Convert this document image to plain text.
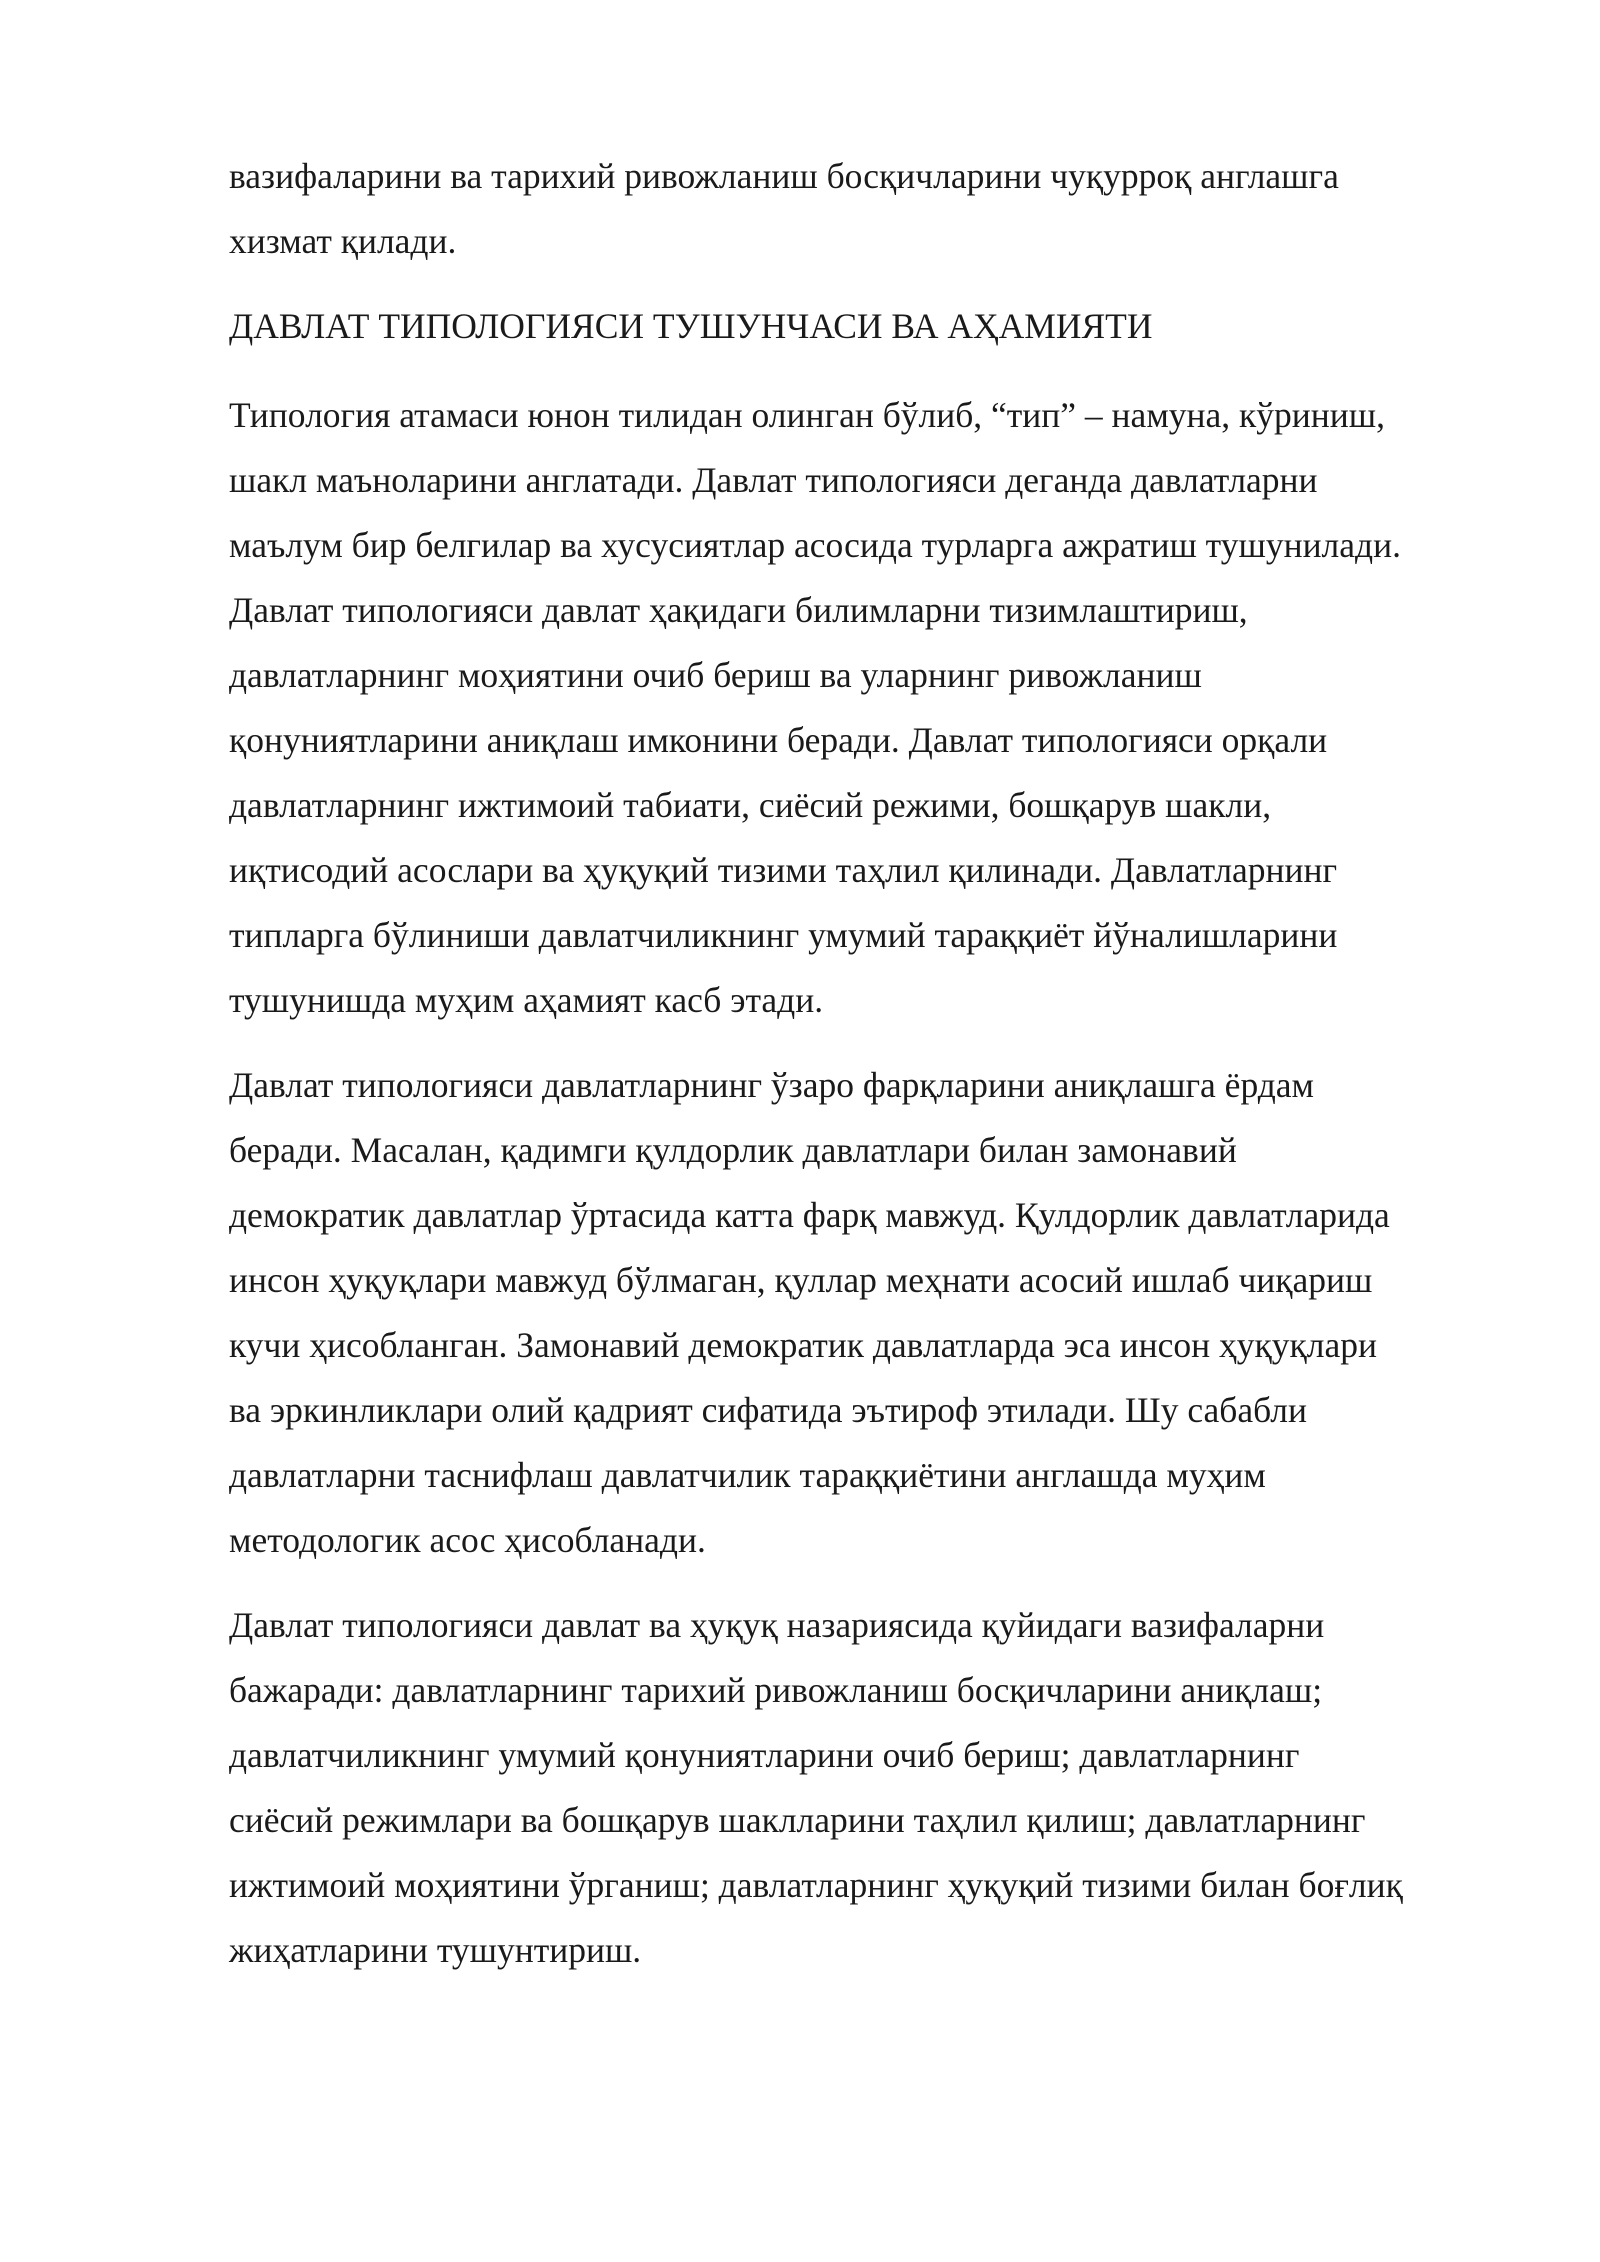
вазифаларини ва тарихий ривожланиш босқичларини чуқурроқ англашга
хизмат қилади.
ДАВЛАТ ТИПОЛОГИЯСИ ТУШУНЧАСИ ВА АҲАМИЯТИ
Типология атамаси юнон тилидан олинган бўлиб, “тип” – намуна, кўриниш,
шакл маъноларини англатади. Давлат типологияси деганда давлатларни
маълум бир белгилар ва хусусиятлар асосида турларга ажратиш тушунилади.
Давлат типологияси давлат ҳақидаги билимларни тизимлаштириш,
давлатларнинг моҳиятини очиб бериш ва уларнинг ривожланиш
қонуниятларини аниқлаш имконини беради. Давлат типологияси орқали
давлатларнинг ижтимоий табиати, сиёсий режими, бошқарув шакли,
иқтисодий асослари ва ҳуқуқий тизими таҳлил қилинади. Давлатларнинг
типларга бўлиниши давлатчиликнинг умумий тараққиёт йўналишларини
тушунишда муҳим аҳамият касб этади.
Давлат типологияси давлатларнинг ўзаро фарқларини аниқлашга ёрдам
беради. Масалан, қадимги қулдорлик давлатлари билан замонавий
демократик давлатлар ўртасида катта фарқ мавжуд. Қулдорлик давлатларида
инсон ҳуқуқлари мавжуд бўлмаган, қуллар меҳнати асосий ишлаб чиқариш
кучи ҳисобланган. Замонавий демократик давлатларда эса инсон ҳуқуқлари
ва эркинликлари олий қадрият сифатида эътироф этилади. Шу сабабли
давлатларни таснифлаш давлатчилик тараққиётини англашда муҳим
методологик асос ҳисобланади.
Давлат типологияси давлат ва ҳуқуқ назариясида қуйидаги вазифаларни
бажаради: давлатларнинг тарихий ривожланиш босқичларини аниқлаш;
давлатчиликнинг умумий қонуниятларини очиб бериш; давлатларнинг
сиёсий режимлари ва бошқарув шаклларини таҳлил қилиш; давлатларнинг
ижтимоий моҳиятини ўрганиш; давлатларнинг ҳуқуқий тизими билан боғлиқ
жиҳатларини тушунтириш.
